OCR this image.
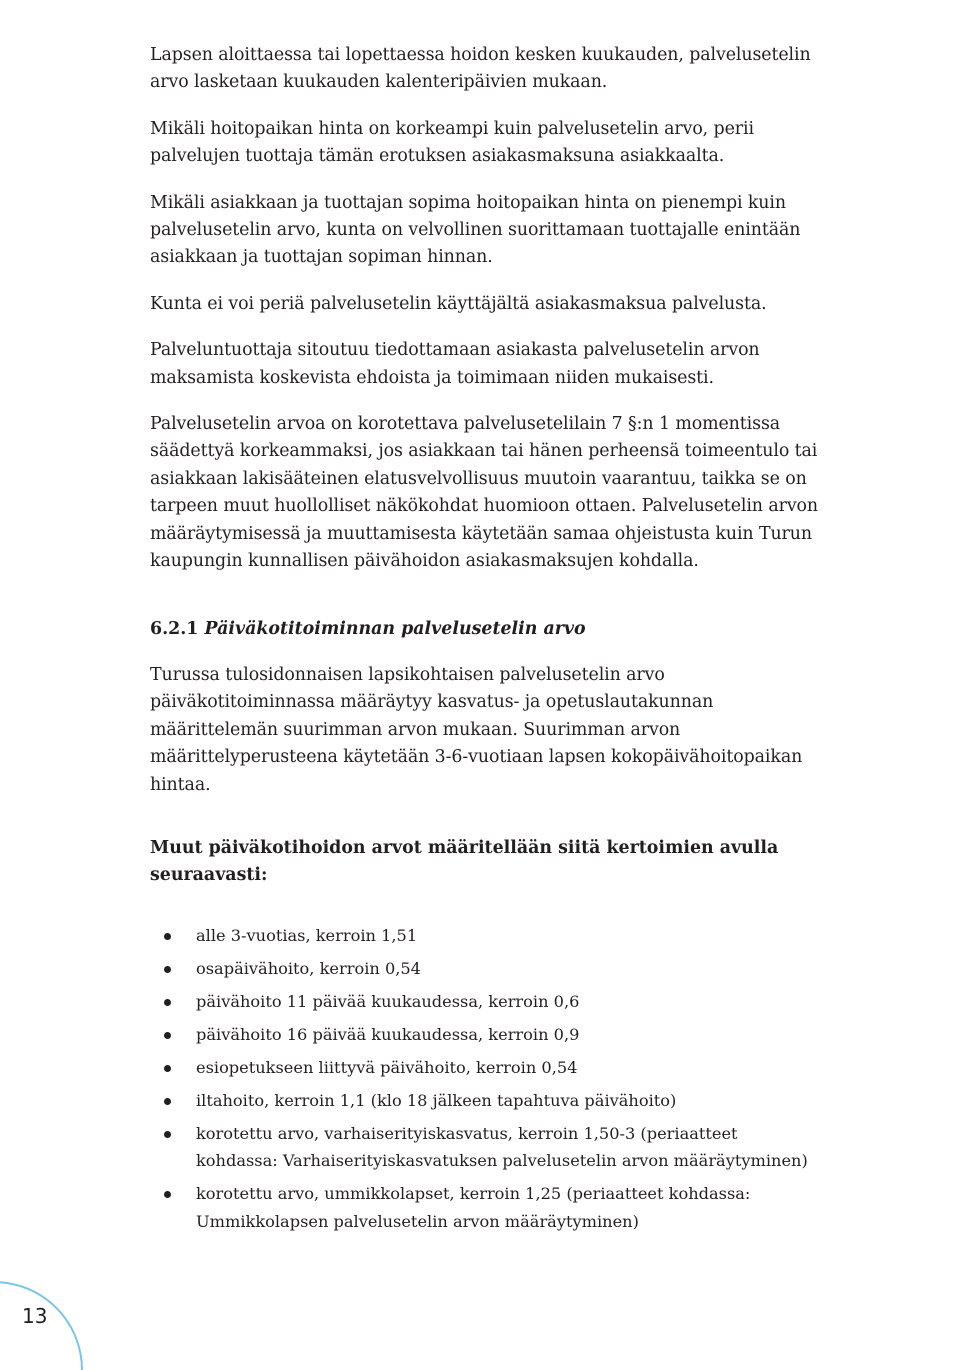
Lapsen aloittaessa tai lopettaessa hoidon kesken kuukauden, palvelusetelin arvo lasketaan kuukauden kalenteripäivien mukaan.

Mikäli hoitopaikan hinta on korkeampi kuin palvelusetelin arvo, perii palvelujen tuottaja tämän erotuksen asiakasmaksuna asiakkaalta.

Mikäli asiakkaan ja tuottajan sopima hoitopaikan hinta on pienempi kuin palvelusetelin arvo, kunta on velvollinen suorittamaan tuottajalle enintään asiakkaan ja tuottajan sopiman hinnan.

Kunta ei voi periä palvelusetelin käyttäjältä asiakasmaksua palvelusta.

Palveluntuottaja sitoutuu tiedottamaan asiakasta palvelusetelin arvon maksamista koskevista ehdoista ja toimimaan niiden mukaisesti.

Palvelusetelin arvoa on korotettava palvelusetelilain 7 §:n 1 momentissa säädettyä korkeammaksi, jos asiakkaan tai hänen perheensä toimeentulo tai asiakkaan lakisääteinen elatusvelvollisuus muutoin vaarantuu, taikka se on tarpeen muut huollolliset näkökohdat huomioon ottaen. Palvelusetelin arvon määräytymisessä ja muuttamisesta käytetään samaa ohjeistusta kuin Turun kaupungin kunnallisen päivähoidon asiakasmaksujen kohdalla.

6.2.1 Päiväkotitoiminnan palvelusetelin arvo

Turussa tulosidonnaisen lapsikohtaisen palvelusetelin arvo päiväkotitoiminnassa määräytyy kasvatus- ja opetuslautakunnan määrittelemän suurimman arvon mukaan. Suurimman arvon määrittelyperusteena käytetään 3-6-vuotiaan lapsen kokopäivähoitopaikan hintaa.

Muut päiväkotihoidon arvot määritellään siitä kertoimien avulla seuraavasti:

alle 3-vuotias, kerroin 1,51
osapäivähoito, kerroin 0,54
päivähoito 11 päivää kuukaudessa, kerroin 0,6
päivähoito 16 päivää kuukaudessa, kerroin 0,9
esiopetukseen liittyvä päivähoito, kerroin 0,54
iltahoito, kerroin 1,1 (klo 18 jälkeen tapahtuva päivähoito)
korotettu arvo, varhaiserityiskasvatus, kerroin 1,50-3 (periaatteet kohdassa: Varhaiserityiskasvatuksen palvelusetelin arvon määräytyminen)
korotettu arvo, ummikkolapset, kerroin 1,25 (periaatteet kohdassa: Ummikkolapsen palvelusetelin arvon määräytyminen)
13
